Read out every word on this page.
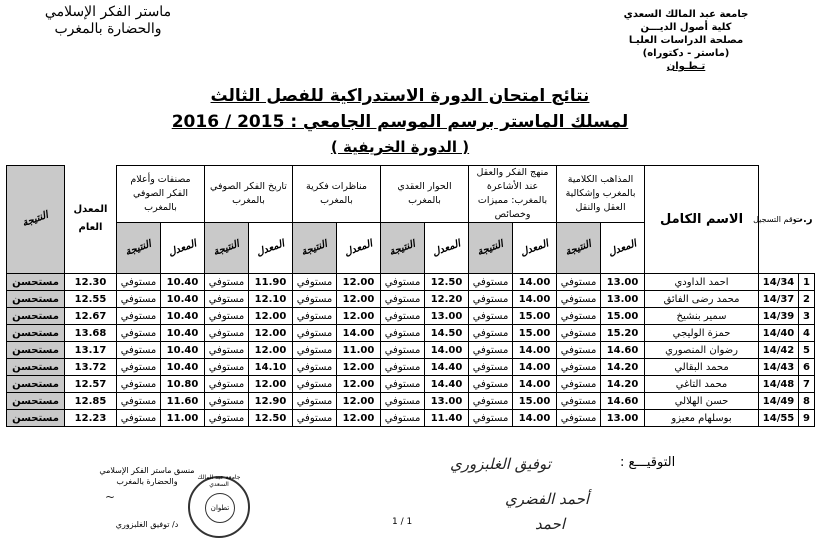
جامعة عبد المالك السعدي
كلية أصول الديـــن
مصلحة الدراسات العليـا
(ماستر - دكتوراه)
تـطـوان
ماستر الفكر الإسلامي
والحضارة بالمغرب
نتائج امتحان الدورة الاستدراكية للفصل الثالث
لمسلك الماستر برسم الموسم الجامعي : 2015 / 2016
( الدورة الخريفية )
ر.ت	رقم التسجيل	الاسم الكامل	المذاهب الكلامية بالمغرب وإشكالية العقل والنقل		منهج الفكر والعقل عند الأشاعرة بالمغرب: مميزات وخصائص		الحوار العقدي بالمغرب		مناظرات فكرية بالمغرب		تاريخ الفكر الصوفي بالمغرب		مصنفات وأعلام الفكر الصوفي بالمغرب		المعدل العام	النتيجة
			المعدل	النتيجة	المعدل	النتيجة	المعدل	النتيجة	المعدل	النتيجة	المعدل	النتيجة	المعدل	النتيجة		
1	14/34	احمد الداودي	13.00	مستوفي	14.00	مستوفي	12.50	مستوفي	12.00	مستوفي	11.90	مستوفي	10.40	مستوفي	12.30	مستحسن
2	14/37	محمد رضى الفائق	13.00	مستوفي	14.00	مستوفي	12.20	مستوفي	12.00	مستوفي	12.10	مستوفي	10.40	مستوفي	12.55	مستحسن
3	14/39	سمير بنشيخ	15.00	مستوفي	15.00	مستوفي	13.00	مستوفي	12.00	مستوفي	12.00	مستوفي	10.40	مستوفي	12.67	مستحسن
4	14/40	حمزة الوليجي	15.20	مستوفي	15.00	مستوفي	14.50	مستوفي	14.00	مستوفي	12.00	مستوفي	10.40	مستوفي	13.68	مستحسن
5	14/42	رضوان المنصوري	14.60	مستوفي	14.00	مستوفي	14.00	مستوفي	11.00	مستوفي	12.00	مستوفي	10.40	مستوفي	13.17	مستحسن
6	14/43	محمد البقالي	14.20	مستوفي	14.00	مستوفي	14.40	مستوفي	12.00	مستوفي	14.10	مستوفي	10.40	مستوفي	13.72	مستحسن
7	14/48	محمد التاغي	14.20	مستوفي	14.00	مستوفي	14.40	مستوفي	12.00	مستوفي	12.00	مستوفي	10.80	مستوفي	12.57	مستحسن
8	14/49	حسن الهلالي	14.60	مستوفي	15.00	مستوفي	13.00	مستوفي	12.00	مستوفي	12.90	مستوفي	11.60	مستوفي	12.85	مستحسن
9	14/55	بوسلهام معيزو	13.00	مستوفي	14.00	مستوفي	11.40	مستوفي	12.00	مستوفي	12.50	مستوفي	11.00	مستوفي	12.23	مستحسن
التوقيـــع :
توفيق الغلبزوري
أحمد الفضري
احمد
منسق ماستر الفكر الإسلامي والحضارة بالمغرب
~
د/ توفيق الغلبزوري
جامعة عبد المالك السعدي
تطوان
1 / 1
